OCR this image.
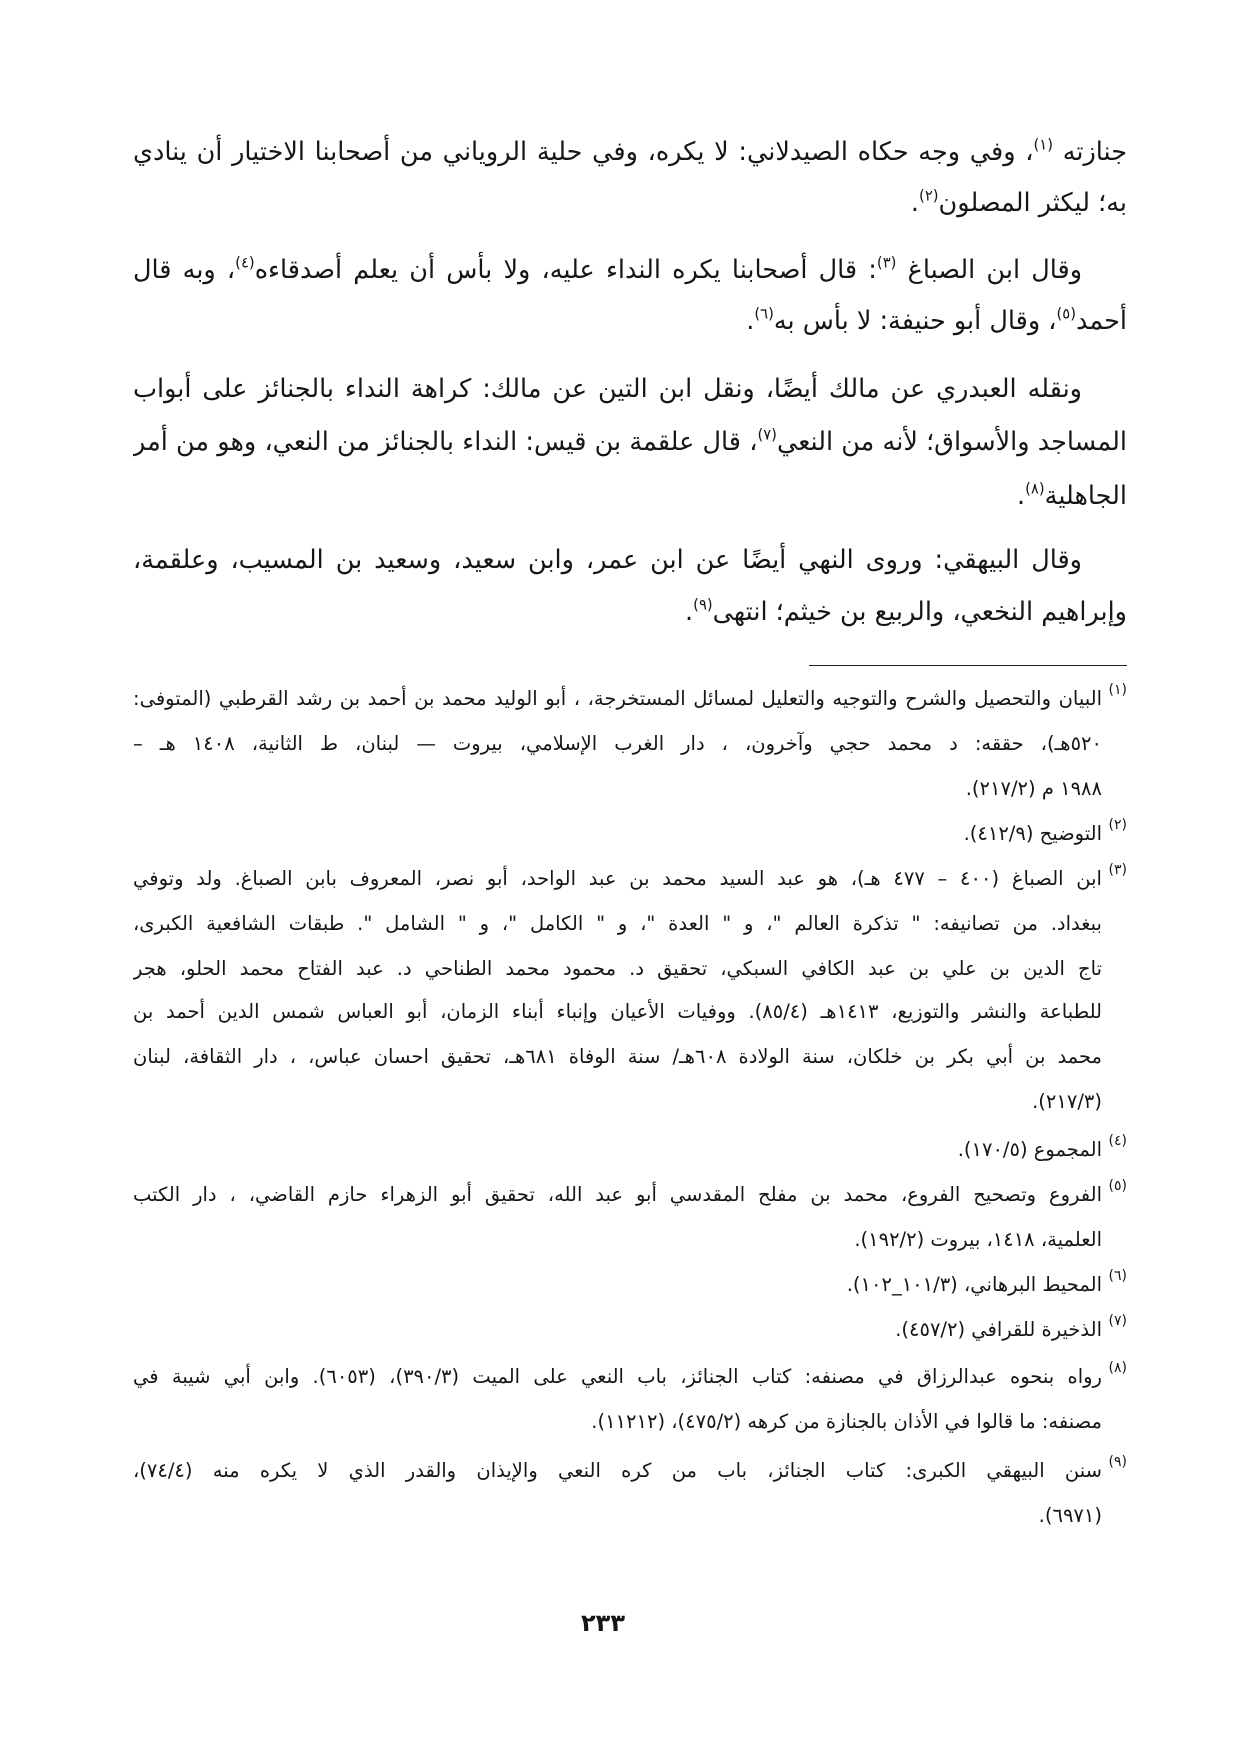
جنازته $^{(١)}$، وفي وجه حكاه الصيدلاني: لا يكره، وفي حلية الروياني من أصحابنا الاختيار أن ينادي
به؛ ليكثر المصلون$^{(٢)}$.
وقال ابن الصباغ $^{(٣)}$: قال أصحابنا يكره النداء عليه، ولا بأس أن يعلم أصدقاءه$^{(٤)}$، وبه قال
أحمد$^{(٥)}$، وقال أبو حنيفة: لا بأس به$^{(٦)}$.
ونقله العبدري عن مالك أيضًا، ونقل ابن التين عن مالك: كراهة النداء بالجنائز على أبواب
المساجد والأسواق؛ لأنه من النعي$^{(٧)}$، قال علقمة بن قيس: النداء بالجنائز من النعي، وهو من أمر
الجاهلية$^{(٨)}$.
وقال البيهقي: وروى النهي أيضًا عن ابن عمر، وابن سعيد، وسعيد بن المسيب، وعلقمة،
وإبراهيم النخعي، والربيع بن خيثم؛ انتهى$^{(٩)}$.
(١)
البيان والتحصيل والشرح والتوجيه والتعليل لمسائل المستخرجة، ، أبو الوليد محمد بن أحمد بن رشد القرطبي (المتوفى:
٥٢٠هـ)، حققه: د محمد حجي وآخرون، ، دار الغرب الإسلامي، بيروت — لبنان، ط الثانية، ١٤٠٨ هـ –
١٩٨٨ م (٢١٧/٢).
(٢)
التوضيح (٤١٢/٩).
(٣)
ابن الصباغ (٤٠٠ – ٤٧٧ هـ)، هو عبد السيد محمد بن عبد الواحد، أبو نصر، المعروف بابن الصباغ. ولد وتوفي
ببغداد. من تصانيفه: " تذكرة العالم "، و " العدة "، و " الكامل "، و " الشامل ". طبقات الشافعية الكبرى،
تاج الدين بن علي بن عبد الكافي السبكي، تحقيق د. محمود محمد الطناحي د. عبد الفتاح محمد الحلو، هجر
للطباعة والنشر والتوزيع، ١٤١٣هـ (٨٥/٤). ووفيات الأعيان وإنباء أبناء الزمان، أبو العباس شمس الدين أحمد بن
محمد بن أبي بكر بن خلكان، سنة الولادة ٦٠٨هـ/ سنة الوفاة ٦٨١هـ، تحقيق احسان عباس، ، دار الثقافة، لبنان
(٢١٧/٣).
(٤)
المجموع (١٧٠/٥).
(٥)
الفروع وتصحيح الفروع، محمد بن مفلح المقدسي أبو عبد الله، تحقيق أبو الزهراء حازم القاضي، ، دار الكتب
العلمية، ١٤١٨، بيروت (١٩٢/٢).
(٦)
المحيط البرهاني، (١٠١/٣_١٠٢).
(٧)
الذخيرة للقرافي (٤٥٧/٢).
(٨)
رواه بنحوه عبدالرزاق في مصنفه: كتاب الجنائز، باب النعي على الميت (٣٩٠/٣)، (٦٠٥٣). وابن أبي شيبة في
مصنفه: ما قالوا في الأذان بالجنازة من كرهه (٤٧٥/٢)، (١١٢١٢).
(٩)
سنن البيهقي الكبرى: كتاب الجنائز، باب من كره النعي والإيذان والقدر الذي لا يكره منه (٧٤/٤)،
(٦٩٧١).
٢٣٣
